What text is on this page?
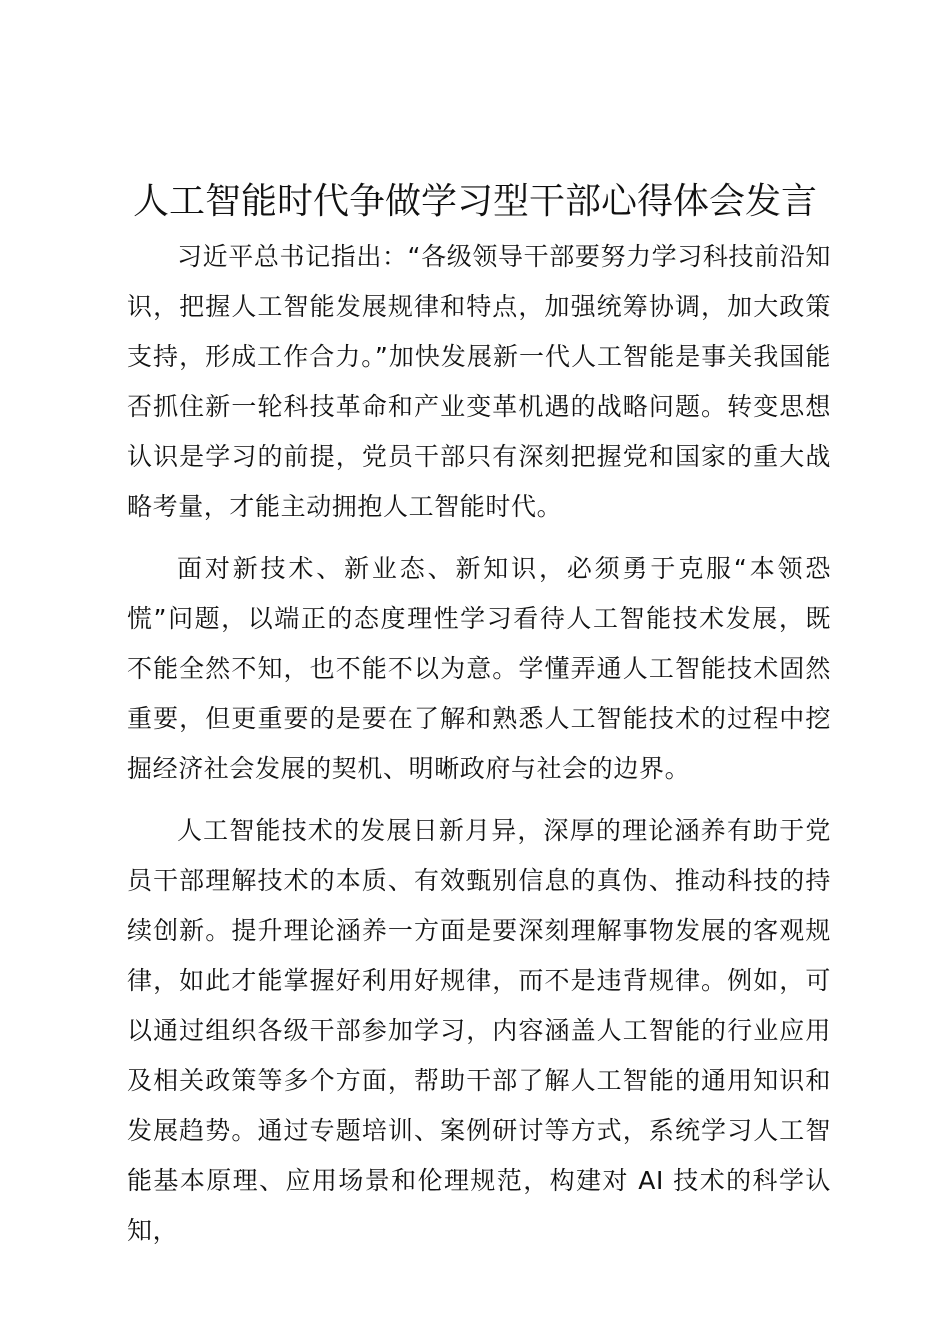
人工智能时代争做学习型干部心得体会发言

习近平总书记指出：“各级领导干部要努力学习科技前沿知识，把握人工智能发展规律和特点，加强统筹协调，加大政策支持，形成工作合力。”加快发展新一代人工智能是事关我国能否抓住新一轮科技革命和产业变革机遇的战略问题。转变思想认识是学习的前提，党员干部只有深刻把握党和国家的重大战略考量，才能主动拥抱人工智能时代。

面对新技术、新业态、新知识，必须勇于克服“本领恐慌”问题，以端正的态度理性学习看待人工智能技术发展，既不能全然不知，也不能不以为意。学懂弄通人工智能技术固然重要，但更重要的是要在了解和熟悉人工智能技术的过程中挖掘经济社会发展的契机、明晰政府与社会的边界。

人工智能技术的发展日新月异，深厚的理论涵养有助于党员干部理解技术的本质、有效甄别信息的真伪、推动科技的持续创新。提升理论涵养一方面是要深刻理解事物发展的客观规律，如此才能掌握好利用好规律，而不是违背规律。例如，可以通过组织各级干部参加学习，内容涵盖人工智能的行业应用及相关政策等多个方面，帮助干部了解人工智能的通用知识和发展趋势。通过专题培训、案例研讨等方式，系统学习人工智能基本原理、应用场景和伦理规范，构建对 AI 技术的科学认知，
